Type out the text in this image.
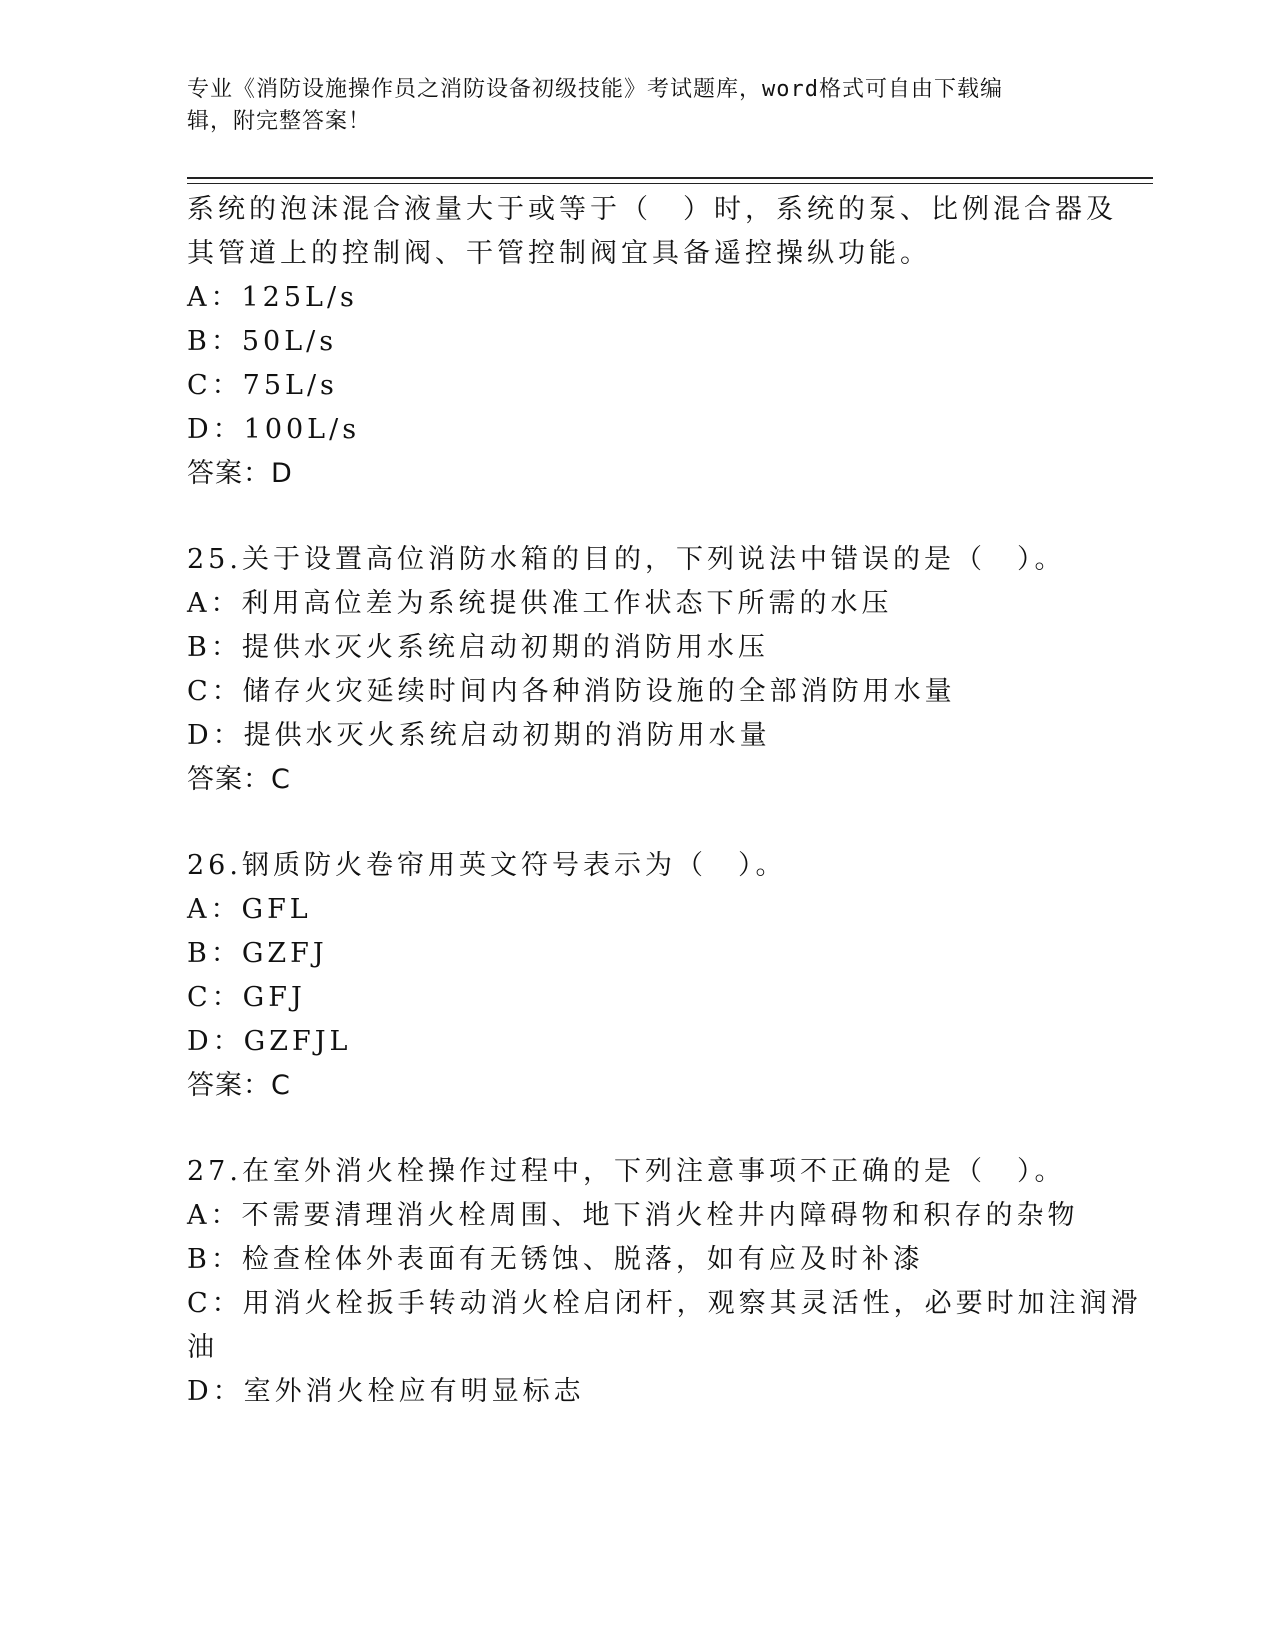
专业《消防设施操作员之消防设备初级技能》考试题库，word格式可自由下载编
辑，附完整答案！
系统的泡沫混合液量大于或等于（　）时，系统的泵、比例混合器及
其管道上的控制阀、干管控制阀宜具备遥控操纵功能。
A：125L/s
B：50L/s
C：75L/s
D：100L/s
答案：D
25.关于设置高位消防水箱的目的，下列说法中错误的是（　）。
A：利用高位差为系统提供准工作状态下所需的水压
B：提供水灭火系统启动初期的消防用水压
C：储存火灾延续时间内各种消防设施的全部消防用水量
D：提供水灭火系统启动初期的消防用水量
答案：C
26.钢质防火卷帘用英文符号表示为（　）。
A：GFL
B：GZFJ
C：GFJ
D：GZFJL
答案：C
27.在室外消火栓操作过程中，下列注意事项不正确的是（　）。
A：不需要清理消火栓周围、地下消火栓井内障碍物和积存的杂物
B：检查栓体外表面有无锈蚀、脱落，如有应及时补漆
C：用消火栓扳手转动消火栓启闭杆，观察其灵活性，必要时加注润滑
油
D：室外消火栓应有明显标志
